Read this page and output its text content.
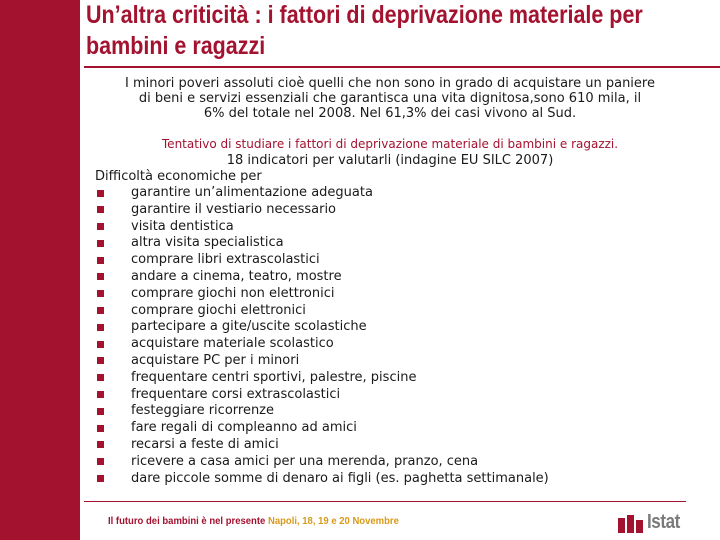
Un’altra criticità : i fattori di deprivazione materiale per
bambini e ragazzi
I minori poveri assoluti cioè quelli che non sono in grado di acquistare un paniere
di beni e servizi essenziali che garantisca una vita dignitosa,sono 610 mila, il
6% del totale nel 2008. Nel 61,3% dei casi vivono al Sud.
Tentativo di studiare i fattori di deprivazione materiale di bambini e ragazzi.
18 indicatori per valutarli (indagine EU SILC 2007)
Difficoltà economiche per
garantire un’alimentazione adeguata
garantire il vestiario necessario
visita dentistica
altra visita specialistica
comprare libri extrascolastici
andare a cinema, teatro, mostre
comprare giochi non elettronici
comprare giochi elettronici
partecipare a gite/uscite scolastiche
acquistare materiale scolastico
acquistare PC per i minori
frequentare centri sportivi, palestre, piscine
frequentare corsi extrascolastici
festeggiare ricorrenze
fare regali di compleanno ad amici
recarsi a feste di amici
ricevere a casa amici per una merenda, pranzo, cena
dare piccole somme di denaro ai figli (es. paghetta settimanale)
Il futuro dei bambini è nel presente Napoli, 18, 19 e 20 Novembre	Istat
